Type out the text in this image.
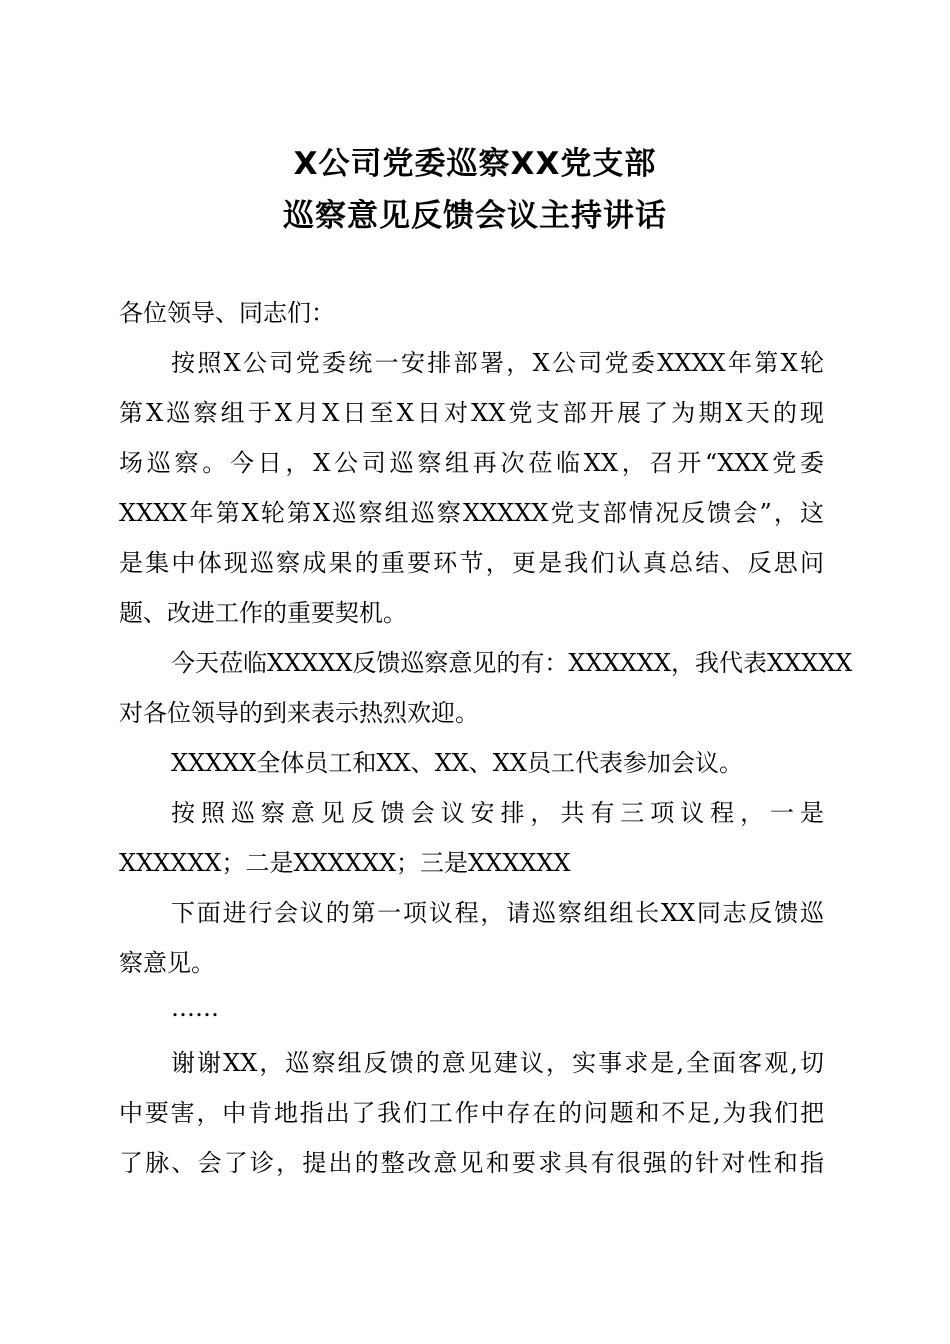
X公司党委巡察XX党支部
巡察意见反馈会议主持讲话
各位领导、同志们：
按照X公司党委统一安排部署，X公司党委XXXX年第X轮
第X巡察组于X月X日至X日对XX党支部开展了为期X天的现
场巡察。今日，X公司巡察组再次莅临XX，召开“XXX党委
XXXX年第X轮第X巡察组巡察XXXXX党支部情况反馈会”，这
是集中体现巡察成果的重要环节，更是我们认真总结、反思问
题、改进工作的重要契机。
今天莅临XXXXX反馈巡察意见的有：XXXXXX，我代表XXXXX
对各位领导的到来表示热烈欢迎。
XXXXX全体员工和XX、XX、XX员工代表参加会议。
按照巡察意见反馈会议安排，共有三项议程，一是
XXXXXX；二是XXXXXX；三是XXXXXX
下面进行会议的第一项议程，请巡察组组长XX同志反馈巡
察意见。
……
谢谢XX，巡察组反馈的意见建议，实事求是,全面客观,切
中要害，中肯地指出了我们工作中存在的问题和不足,为我们把
了脉、会了诊，提出的整改意见和要求具有很强的针对性和指
